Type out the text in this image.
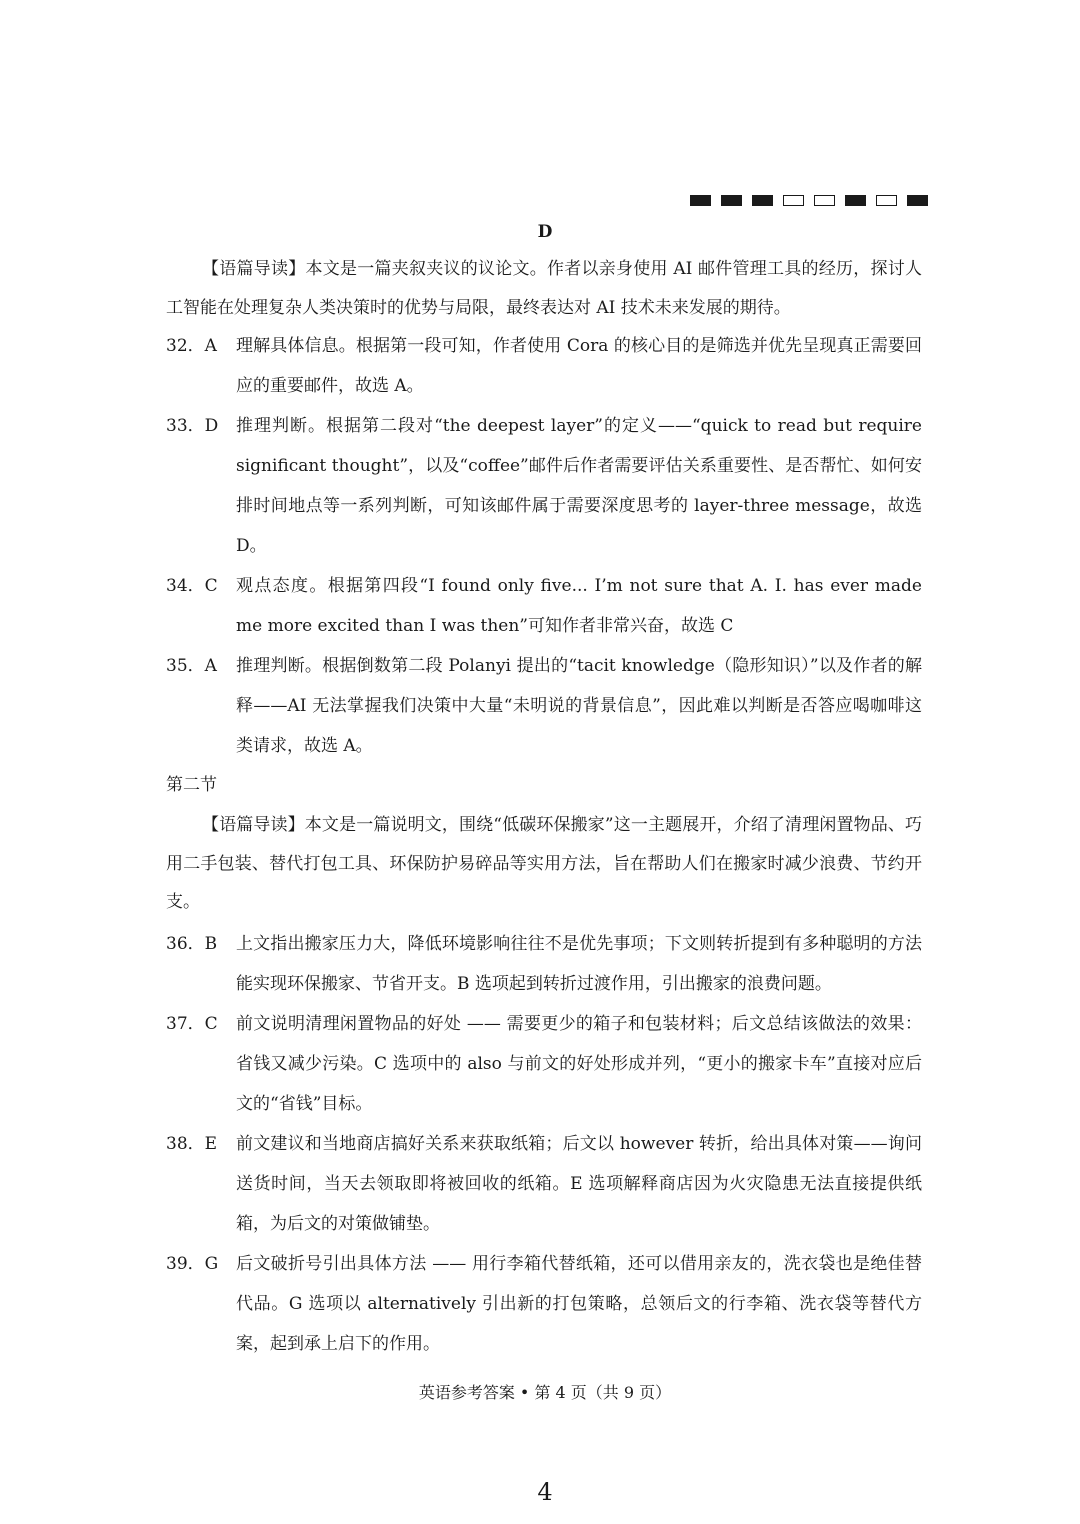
D

【语篇导读】本文是一篇夹叙夹议的议论文。作者以亲身使用 AI 邮件管理工具的经历，探讨人工智能在处理复杂人类决策时的优势与局限，最终表达对 AI 技术未来发展的期待。

32．A	理解具体信息。根据第一段可知，作者使用 Cora 的核心目的是筛选并优先呈现真正需要回应的重要邮件，故选 A。
33．D	推理判断。根据第二段对“the deepest layer”的定义——“quick to read but require significant thought”，以及“coffee”邮件后作者需要评估关系重要性、是否帮忙、如何安排时间地点等一系列判断，可知该邮件属于需要深度思考的 layer-three message，故选 D。
34．C	观点态度。根据第四段“I found only five... I’m not sure that A. I. has ever made me more excited than I was then”可知作者非常兴奋，故选 C
35．A	推理判断。根据倒数第二段 Polanyi 提出的“tacit knowledge（隐形知识）”以及作者的解释——AI 无法掌握我们决策中大量“未明说的背景信息”，因此难以判断是否答应喝咖啡这类请求，故选 A。
第二节

【语篇导读】本文是一篇说明文，围绕“低碳环保搬家”这一主题展开，介绍了清理闲置物品、巧用二手包装、替代打包工具、环保防护易碎品等实用方法，旨在帮助人们在搬家时减少浪费、节约开支。

36．B	上文指出搬家压力大，降低环境影响往往不是优先事项；下文则转折提到有多种聪明的方法能实现环保搬家、节省开支。B 选项起到转折过渡作用，引出搬家的浪费问题。
37．C	前文说明清理闲置物品的好处 —— 需要更少的箱子和包装材料；后文总结该做法的效果：省钱又减少污染。C 选项中的 also 与前文的好处形成并列，“更小的搬家卡车”直接对应后文的“省钱”目标。
38．E	前文建议和当地商店搞好关系来获取纸箱；后文以 however 转折，给出具体对策——询问送货时间，当天去领取即将被回收的纸箱。E 选项解释商店因为火灾隐患无法直接提供纸箱，为后文的对策做铺垫。
39．G	后文破折号引出具体方法 —— 用行李箱代替纸箱，还可以借用亲友的，洗衣袋也是绝佳替代品。G 选项以 alternatively 引出新的打包策略，总领后文的行李箱、洗衣袋等替代方案，起到承上启下的作用。
英语参考答案 • 第 4 页（共 9 页）
4
